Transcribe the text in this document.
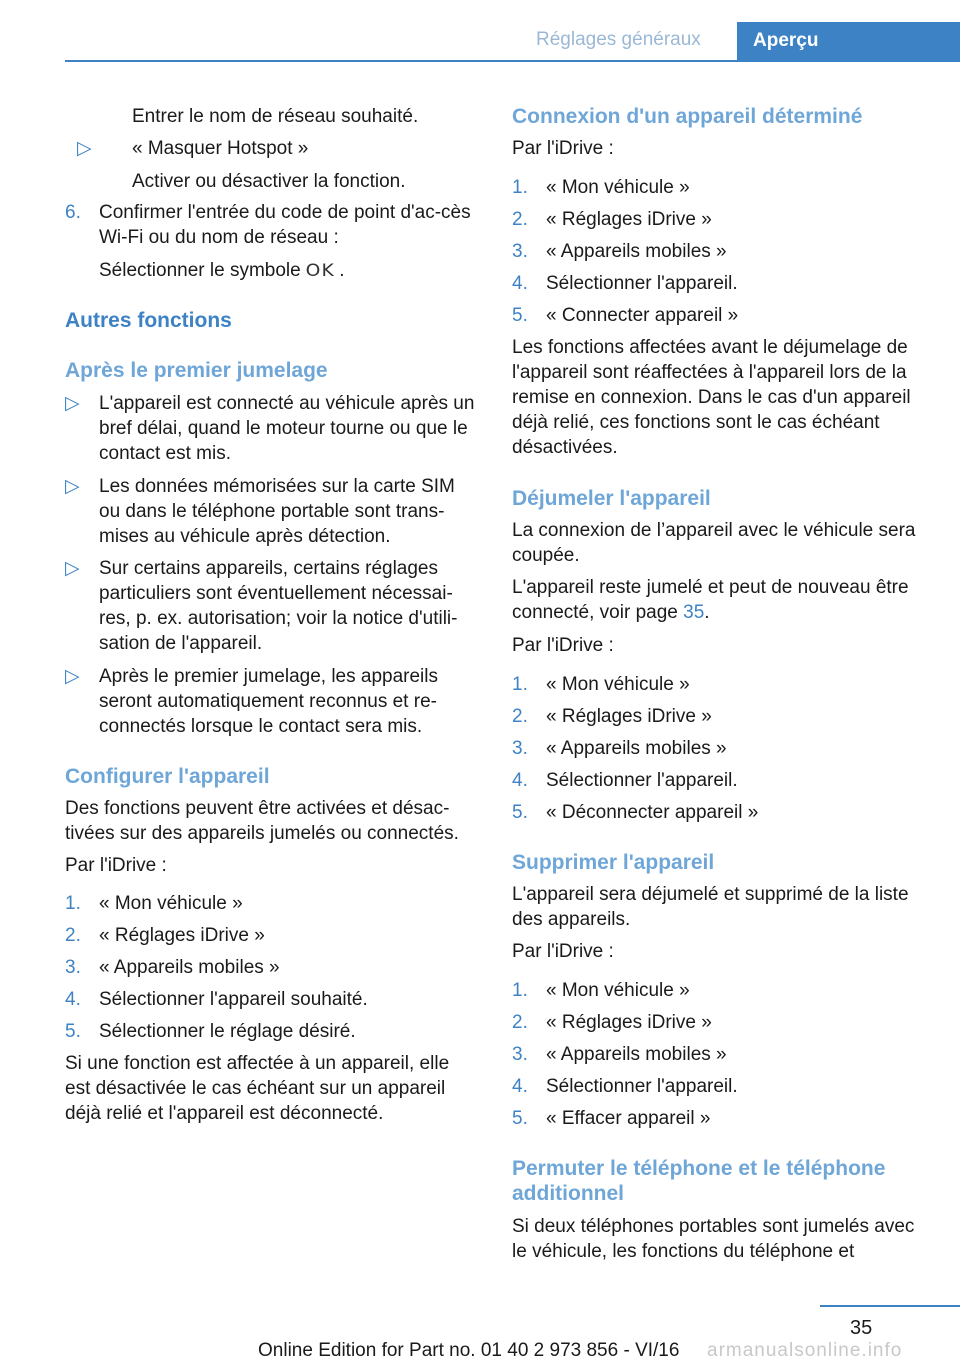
Réglages généraux	Aperçu

Entrer le nom de réseau souhaité.

▷ « Masquer Hotspot »

Activer ou désactiver la fonction.

6. Confirmer l'entrée du code de point d'ac-cès Wi-Fi ou du nom de réseau :

Sélectionner le symbole OK .

Autres fonctions
Après le premier jumelage
▷ L'appareil est connecté au véhicule après un bref délai, quand le moteur tourne ou que le contact est mis.
▷ Les données mémorisées sur la carte SIM ou dans le téléphone portable sont trans-mises au véhicule après détection.
▷ Sur certains appareils, certains réglages particuliers sont éventuellement nécessai-res, p. ex. autorisation; voir la notice d'utili-sation de l'appareil.
▷ Après le premier jumelage, les appareils seront automatiquement reconnus et re-connectés lorsque le contact sera mis.
Configurer l'appareil

Des fonctions peuvent être activées et désac-tivées sur des appareils jumelés ou connectés.

Par l'iDrive :

1. « Mon véhicule »
2. « Réglages iDrive »
3. « Appareils mobiles »
4. Sélectionner l'appareil souhaité.
5. Sélectionner le réglage désiré.

Si une fonction est affectée à un appareil, elle est désactivée le cas échéant sur un appareil déjà relié et l'appareil est déconnecté.

Connexion d'un appareil déterminé

Par l'iDrive :

1. « Mon véhicule »
2. « Réglages iDrive »
3. « Appareils mobiles »
4. Sélectionner l'appareil.
5. « Connecter appareil »

Les fonctions affectées avant le déjumelage de l'appareil sont réaffectées à l'appareil lors de la remise en connexion. Dans le cas d'un appareil déjà relié, ces fonctions sont le cas échéant désactivées.

Déjumeler l'appareil

La connexion de l’appareil avec le véhicule sera coupée.

L'appareil reste jumelé et peut de nouveau être connecté, voir page 35.

Par l'iDrive :

1. « Mon véhicule »
2. « Réglages iDrive »
3. « Appareils mobiles »
4. Sélectionner l'appareil.
5. « Déconnecter appareil »
Supprimer l'appareil

L'appareil sera déjumelé et supprimé de la liste des appareils.

Par l'iDrive :

1. « Mon véhicule »
2. « Réglages iDrive »
3. « Appareils mobiles »
4. Sélectionner l'appareil.
5. « Effacer appareil »
Permuter le téléphone et le téléphone additionnel

Si deux téléphones portables sont jumelés avec le véhicule, les fonctions du téléphone et

35
Online Edition for Part no. 01 40 2 973 856 - VI/16 armanualsonline.info
